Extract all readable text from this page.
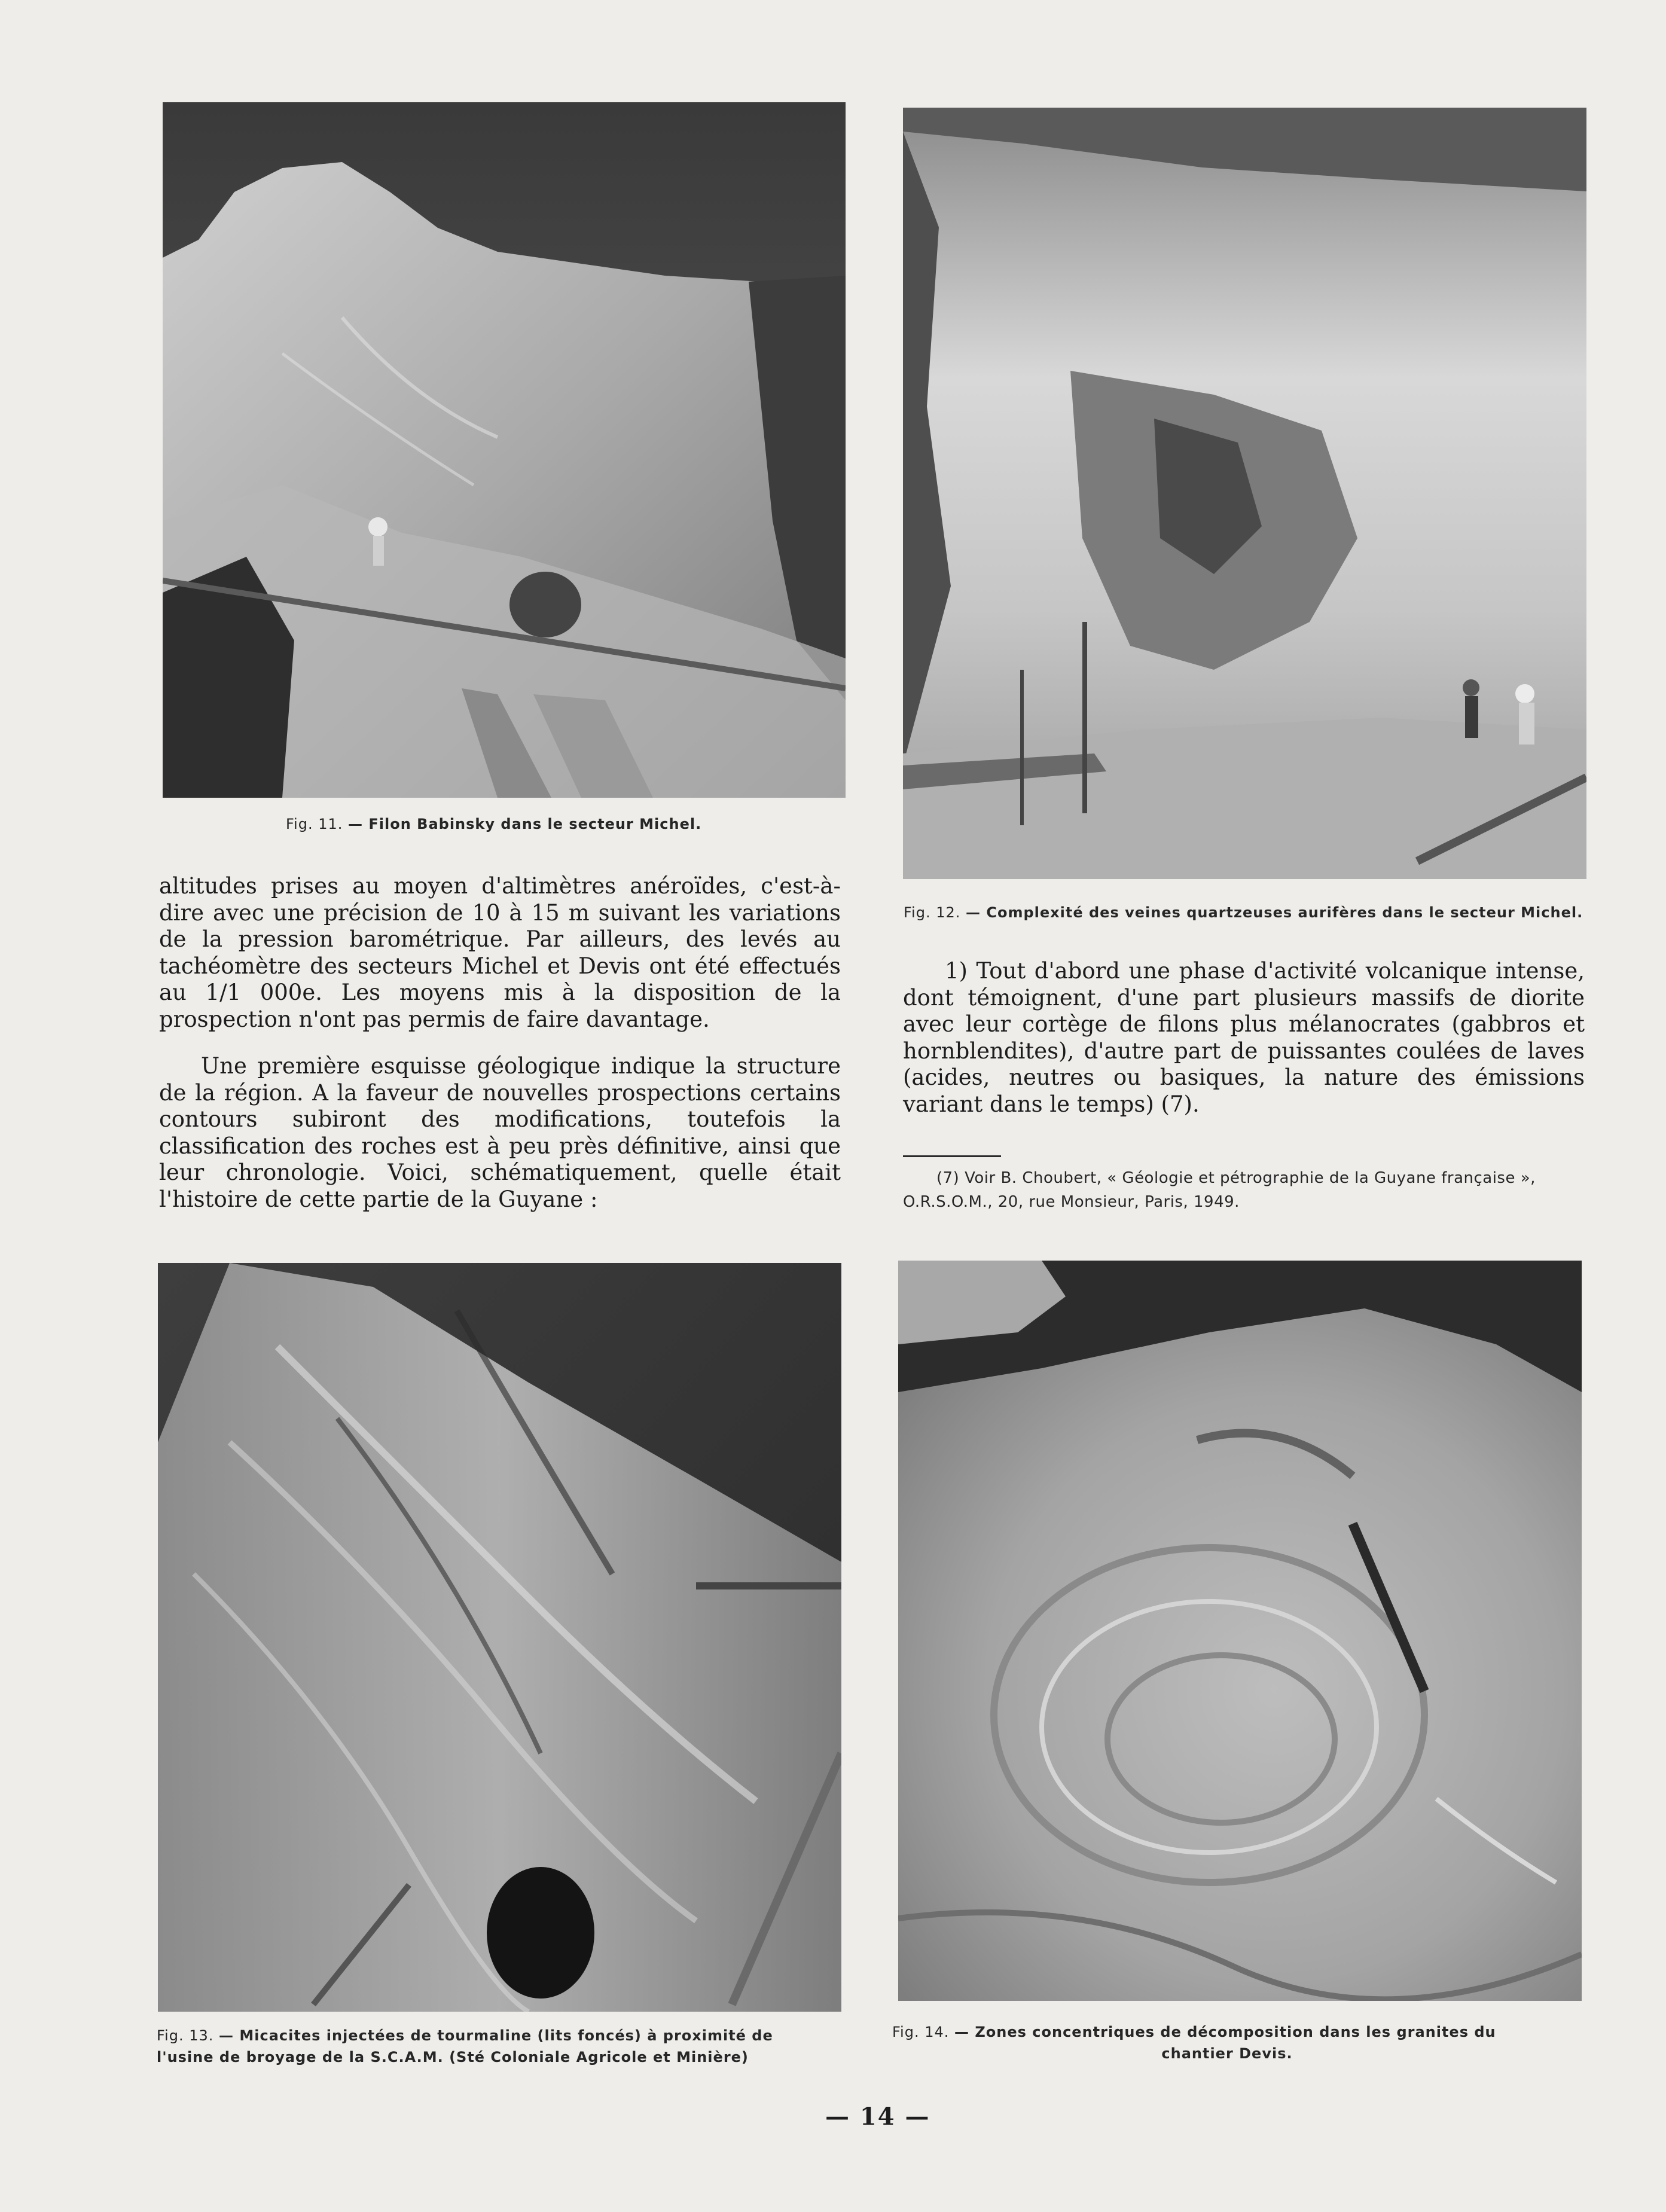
Fig. 11. — Filon Babinsky dans le secteur Michel.
Fig. 12. — Complexité des veines quartzeuses aurifères dans le secteur Michel.

altitudes prises au moyen d'altimètres anéroïdes, c'est-à-dire avec une précision de 10 à 15 m suivant les variations de la pression barométrique. Par ailleurs, des levés au tachéomètre des secteurs Michel et Devis ont été effectués au 1/1 000e. Les moyens mis à la disposition de la prospection n'ont pas permis de faire davantage.

Une première esquisse géologique indique la structure de la région. A la faveur de nouvelles prospections certains contours subiront des modifications, toutefois la classification des roches est à peu près définitive, ainsi que leur chronologie. Voici, schématiquement, quelle était l'histoire de cette partie de la Guyane :

1) Tout d'abord une phase d'activité volcanique intense, dont témoignent, d'une part plusieurs massifs de diorite avec leur cortège de filons plus mélanocrates (gabbros et hornblendites), d'autre part de puissantes coulées de laves (acides, neutres ou basiques, la nature des émissions variant dans le temps) (7).

(7) Voir B. Choubert, « Géologie et pétrographie de la Guyane française »,
O.R.S.O.M., 20, rue Monsieur, Paris, 1949.
Fig. 13. — Micacites injectées de tourmaline (lits foncés) à proximité de
l'usine de broyage de la S.C.A.M. (Sté Coloniale Agricole et Minière)
Fig. 14. — Zones concentriques de décomposition dans les granites du
chantier Devis.
— 14 —
